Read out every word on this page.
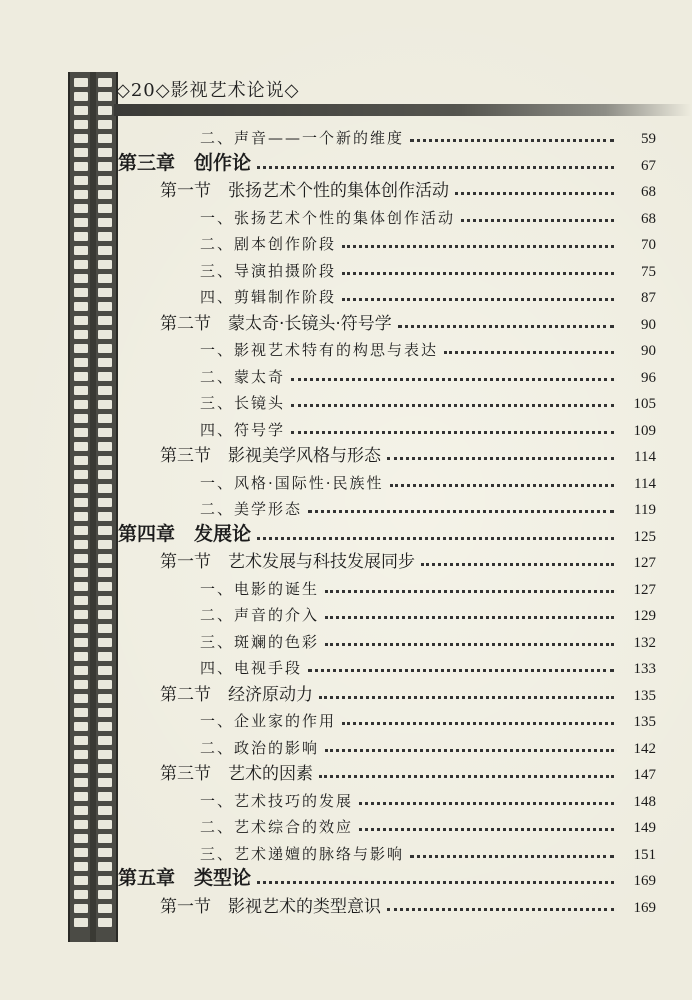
◇20◇影视艺术论说◇
二、声音——一个新的维度	59
第三章　创作论	67
第一节　张扬艺术个性的集体创作活动	68
一、张扬艺术个性的集体创作活动	68
二、剧本创作阶段	70
三、导演拍摄阶段	75
四、剪辑制作阶段	87
第二节　蒙太奇·长镜头·符号学	90
一、影视艺术特有的构思与表达	90
二、蒙太奇	96
三、长镜头	105
四、符号学	109
第三节　影视美学风格与形态	114
一、风格·国际性·民族性	114
二、美学形态	119
第四章　发展论	125
第一节　艺术发展与科技发展同步	127
一、电影的诞生	127
二、声音的介入	129
三、斑斓的色彩	132
四、电视手段	133
第二节　经济原动力	135
一、企业家的作用	135
二、政治的影响	142
第三节　艺术的因素	147
一、艺术技巧的发展	148
二、艺术综合的效应	149
三、艺术递嬗的脉络与影响	151
第五章　类型论	169
第一节　影视艺术的类型意识	169
